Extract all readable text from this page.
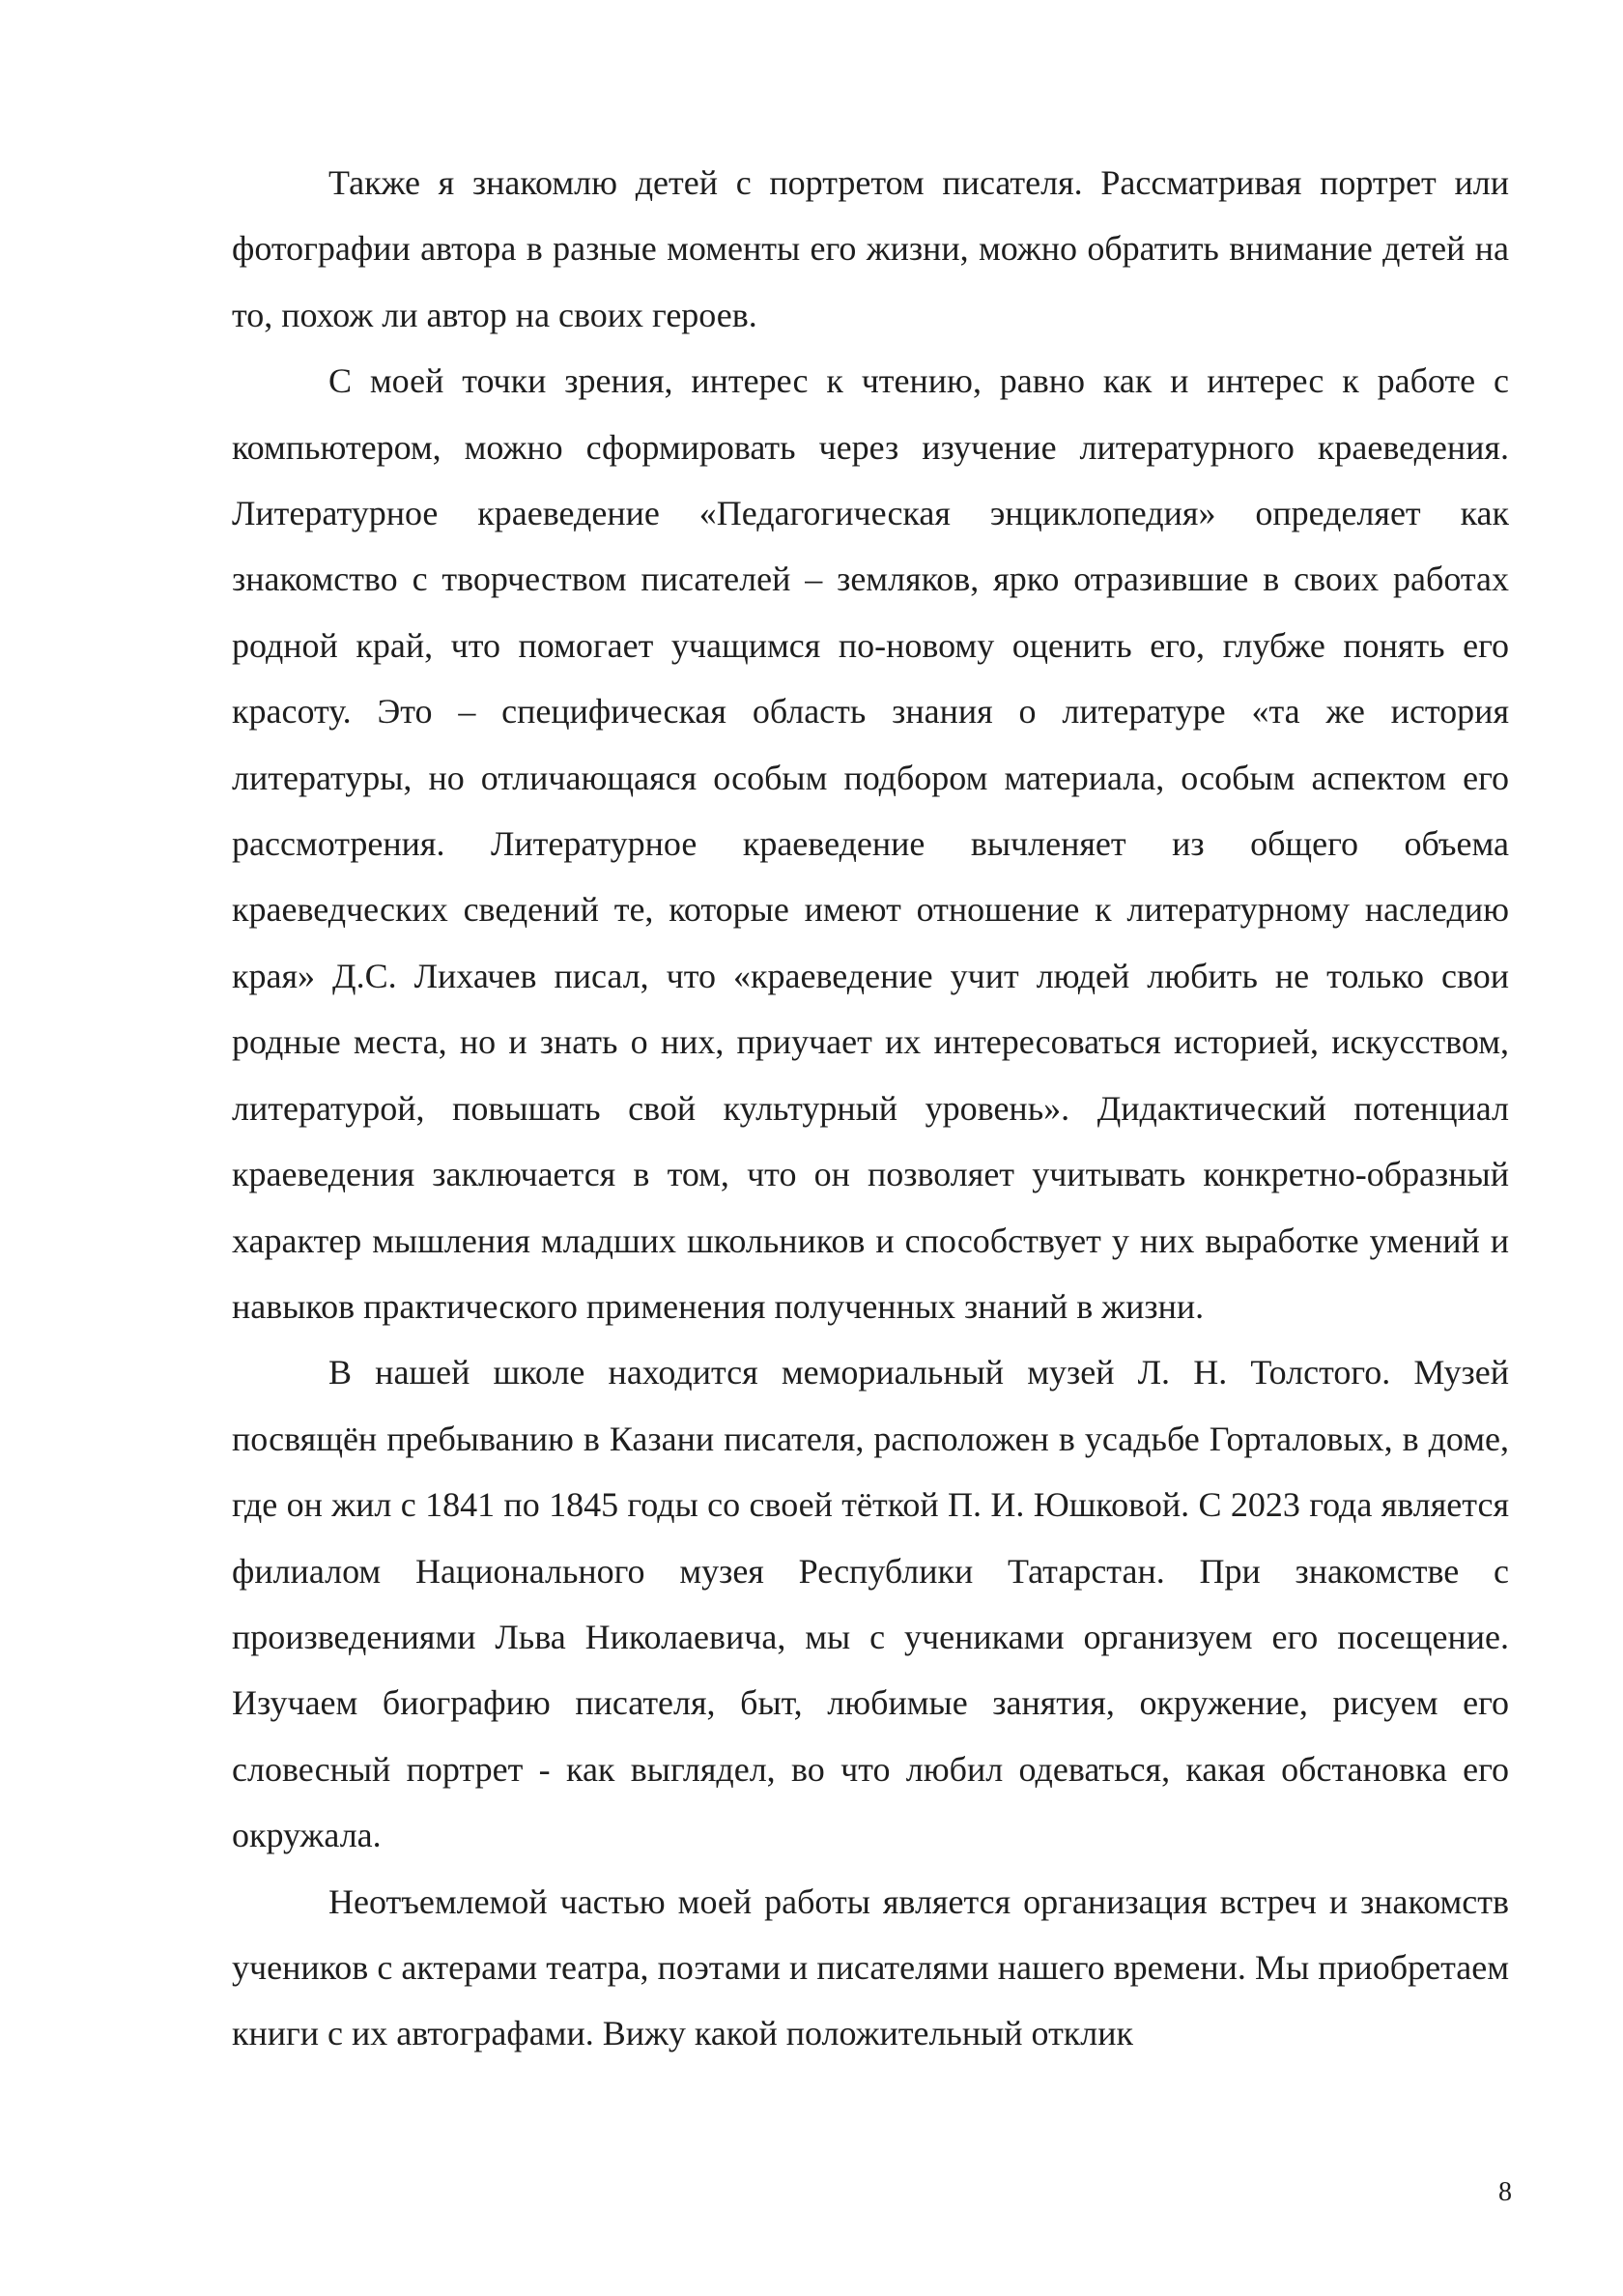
Также я знакомлю детей с портретом писателя. Рассматривая портрет или фотографии автора в разные моменты его жизни, можно обратить внимание детей на то, похож ли автор на своих героев.

С моей точки зрения, интерес к чтению, равно как и интерес к работе с компьютером, можно сформировать через изучение литературного краеведения. Литературное краеведение «Педагогическая энциклопедия» определяет как знакомство с творчеством писателей – земляков, ярко отразившие в своих работах родной край, что помогает учащимся по-новому оценить его, глубже понять его красоту. Это – специфическая область знания о литературе «та же история литературы, но отличающаяся особым подбором материала, особым аспектом его рассмотрения. Литературное краеведение вычленяет из общего объема краеведческих сведений те, которые имеют отношение к литературному наследию края» Д.С. Лихачев писал, что «краеведение учит людей любить не только свои родные места, но и знать о них, приучает их интересоваться историей, искусством, литературой, повышать свой культурный уровень». Дидактический потенциал краеведения заключается в том, что он позволяет учитывать конкретно-образный характер мышления младших школьников и способствует у них выработке умений и навыков практического применения полученных знаний в жизни.

В нашей школе находится мемориальный музей Л. Н. Толстого. Музей посвящён пребыванию в Казани писателя, расположен в усадьбе Горталовых, в доме, где он жил с 1841 по 1845 годы со своей тёткой П. И. Юшковой. С 2023 года является филиалом Национального музея Республики Татарстан. При знакомстве с произведениями Льва Николаевича, мы с учениками организуем его посещение. Изучаем биографию писателя, быт, любимые занятия, окружение, рисуем его словесный портрет - как выглядел, во что любил одеваться, какая обстановка его окружала.

Неотъемлемой частью моей работы является организация встреч и знакомств учеников с актерами театра, поэтами и писателями нашего времени. Мы приобретаем книги с их автографами. Вижу какой положительный отклик

8
